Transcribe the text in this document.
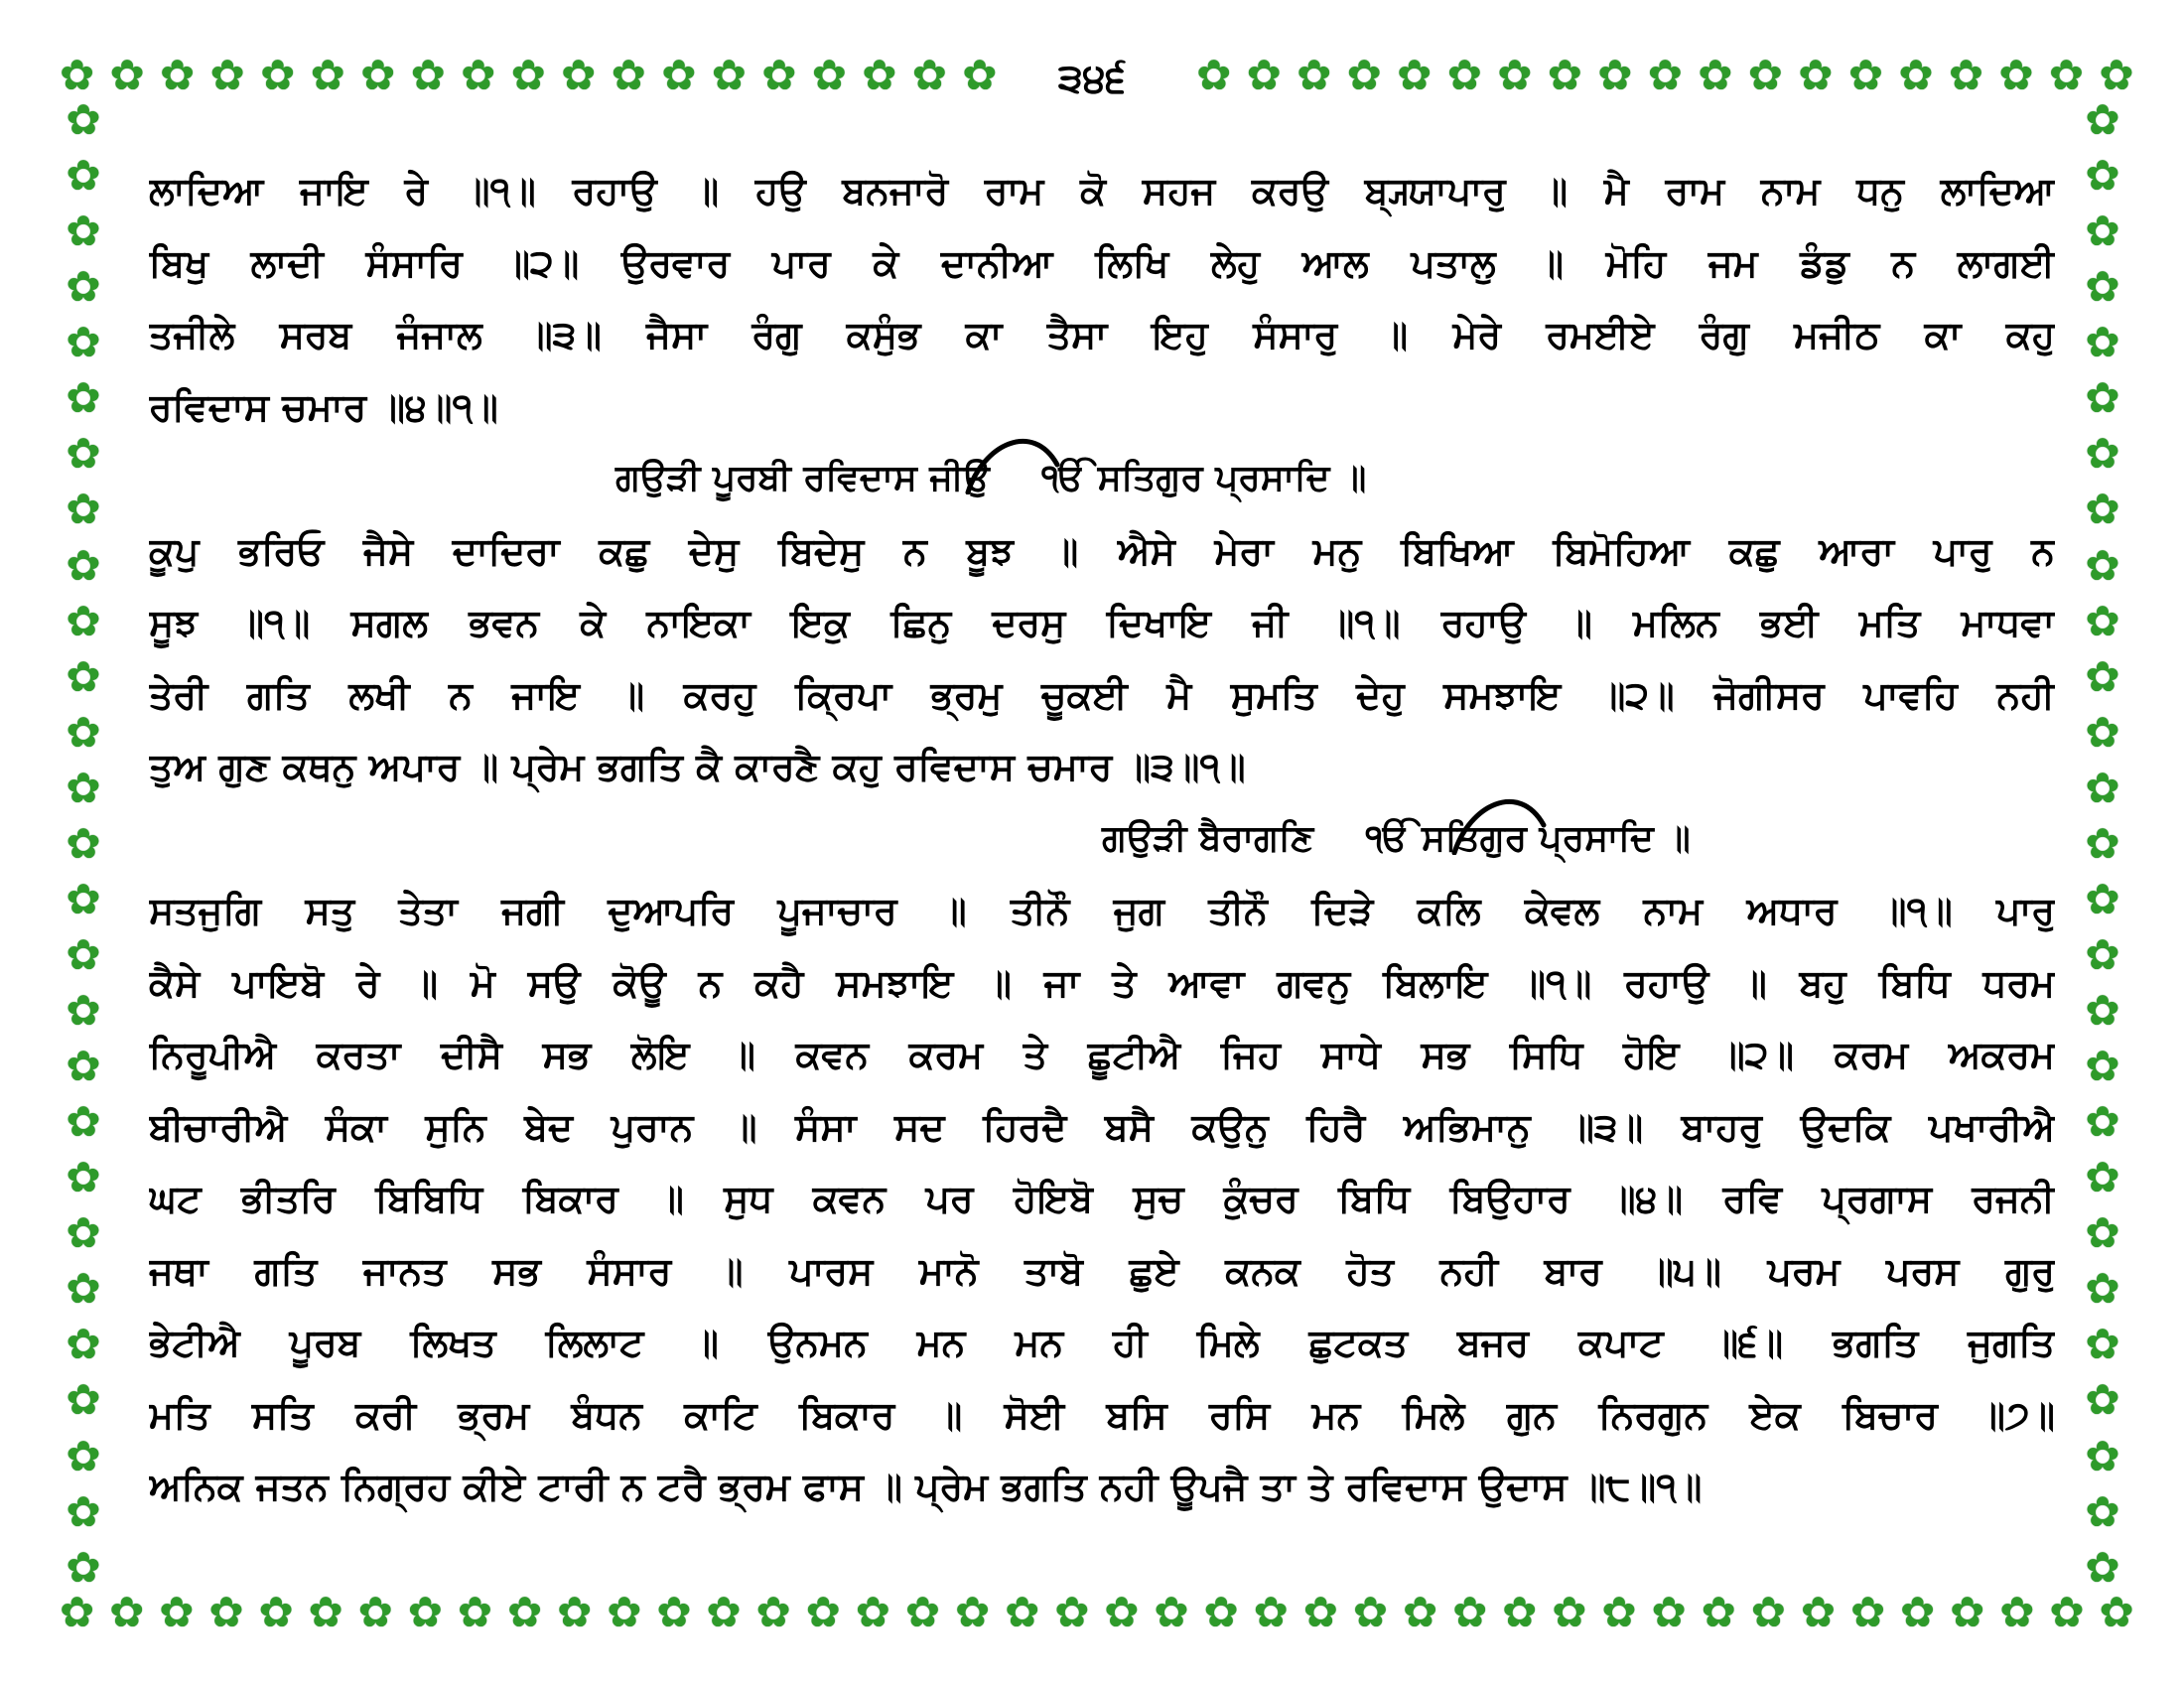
✿ ✿ ✿ ✿ ✿ ✿ ✿ ✿ ✿ ✿ ✿ ✿ ✿ ✿ ✿ ✿ ✿ ✿ ✿	✿ ✿ ✿ ✿ ✿ ✿ ✿ ✿ ✿ ✿ ✿ ✿ ✿ ✿ ✿ ✿ ✿ ✿ ✿
✿ ✿ ✿ ✿ ✿ ✿ ✿ ✿ ✿ ✿ ✿ ✿ ✿ ✿ ✿ ✿ ✿ ✿ ✿ ✿ ✿ ✿ ✿ ✿ ✿ ✿ ✿ ✿ ✿ ✿ ✿ ✿ ✿ ✿ ✿ ✿ ✿ ✿ ✿ ✿ ✿ ✿
✿
✿
✿
✿
✿
✿
✿
✿
✿
✿
✿
✿
✿
✿
✿
✿
✿
✿
✿
✿
✿
✿
✿
✿
✿
✿
✿
✿
✿
✿
✿
✿
✿
✿
✿
✿
✿
✿
✿
✿
✿
✿
✿
✿
✿
✿
✿
✿
✿
✿
✿
✿
✿
✿
੩੪੬
ਲਾਦਿਆ ਜਾਇ ਰੇ ॥੧॥ ਰਹਾਉ ॥ ਹਉ ਬਨਜਾਰੋ ਰਾਮ ਕੋ ਸਹਜ ਕਰਉ ਬ੍ਯ੍ਯਾਪਾਰੁ ॥ ਮੈ ਰਾਮ ਨਾਮ ਧਨੁ ਲਾਦਿਆ
ਬਿਖੁ ਲਾਦੀ ਸੰਸਾਰਿ ॥੨॥ ਉਰਵਾਰ ਪਾਰ ਕੇ ਦਾਨੀਆ ਲਿਖਿ ਲੇਹੁ ਆਲ ਪਤਾਲੁ ॥ ਮੋਹਿ ਜਮ ਡੰਡੁ ਨ ਲਾਗਈ
ਤਜੀਲੇ ਸਰਬ ਜੰਜਾਲ ॥੩॥ ਜੈਸਾ ਰੰਗੁ ਕਸੁੰਭ ਕਾ ਤੈਸਾ ਇਹੁ ਸੰਸਾਰੁ ॥ ਮੇਰੇ ਰਮਈਏ ਰੰਗੁ ਮਜੀਠ ਕਾ ਕਹੁ
ਰਵਿਦਾਸ ਚਮਾਰ ॥੪॥੧॥
ਗਉੜੀ ਪੂਰਬੀ ਰਵਿਦਾਸ ਜੀਉ ੴ ਸਤਿਗੁਰ ਪ੍ਰਸਾਦਿ ॥
ਕੂਪੁ ਭਰਿਓ ਜੈਸੇ ਦਾਦਿਰਾ ਕਛੁ ਦੇਸੁ ਬਿਦੇਸੁ ਨ ਬੂਝ ॥ ਐਸੇ ਮੇਰਾ ਮਨੁ ਬਿਖਿਆ ਬਿਮੋਹਿਆ ਕਛੁ ਆਰਾ ਪਾਰੁ ਨ
ਸੂਝ ॥੧॥ ਸਗਲ ਭਵਨ ਕੇ ਨਾਇਕਾ ਇਕੁ ਛਿਨੁ ਦਰਸੁ ਦਿਖਾਇ ਜੀ ॥੧॥ ਰਹਾਉ ॥ ਮਲਿਨ ਭਈ ਮਤਿ ਮਾਧਵਾ
ਤੇਰੀ ਗਤਿ ਲਖੀ ਨ ਜਾਇ ॥ ਕਰਹੁ ਕ੍ਰਿਪਾ ਭ੍ਰਮੁ ਚੂਕਈ ਮੈ ਸੁਮਤਿ ਦੇਹੁ ਸਮਝਾਇ ॥੨॥ ਜੋਗੀਸਰ ਪਾਵਹਿ ਨਹੀ
ਤੁਅ ਗੁਣ ਕਥਨੁ ਅਪਾਰ ॥ ਪ੍ਰੇਮ ਭਗਤਿ ਕੈ ਕਾਰਣੈ ਕਹੁ ਰਵਿਦਾਸ ਚਮਾਰ ॥੩॥੧॥
ਗਉੜੀ ਬੈਰਾਗਣਿ ੴ ਸਤਿਗੁਰ ਪ੍ਰਸਾਦਿ ॥
ਸਤਜੁਗਿ ਸਤੁ ਤੇਤਾ ਜਗੀ ਦੁਆਪਰਿ ਪੂਜਾਚਾਰ ॥ ਤੀਨੌ ਜੁਗ ਤੀਨੌ ਦਿੜੇ ਕਲਿ ਕੇਵਲ ਨਾਮ ਅਧਾਰ ॥੧॥ ਪਾਰੁ
ਕੈਸੇ ਪਾਇਬੋ ਰੇ ॥ ਮੋ ਸਉ ਕੋਊ ਨ ਕਹੈ ਸਮਝਾਇ ॥ ਜਾ ਤੇ ਆਵਾ ਗਵਨੁ ਬਿਲਾਇ ॥੧॥ ਰਹਾਉ ॥ ਬਹੁ ਬਿਧਿ ਧਰਮ
ਨਿਰੂਪੀਐ ਕਰਤਾ ਦੀਸੈ ਸਭ ਲੋਇ ॥ ਕਵਨ ਕਰਮ ਤੇ ਛੂਟੀਐ ਜਿਹ ਸਾਧੇ ਸਭ ਸਿਧਿ ਹੋਇ ॥੨॥ ਕਰਮ ਅਕਰਮ
ਬੀਚਾਰੀਐ ਸੰਕਾ ਸੁਨਿ ਬੇਦ ਪੁਰਾਨ ॥ ਸੰਸਾ ਸਦ ਹਿਰਦੈ ਬਸੈ ਕਉਨੁ ਹਿਰੈ ਅਭਿਮਾਨੁ ॥੩॥ ਬਾਹਰੁ ਉਦਕਿ ਪਖਾਰੀਐ
ਘਟ ਭੀਤਰਿ ਬਿਬਿਧਿ ਬਿਕਾਰ ॥ ਸੁਧ ਕਵਨ ਪਰ ਹੋਇਬੋ ਸੁਚ ਕੁੰਚਰ ਬਿਧਿ ਬਿਉਹਾਰ ॥੪॥ ਰਵਿ ਪ੍ਰਗਾਸ ਰਜਨੀ
ਜਥਾ ਗਤਿ ਜਾਨਤ ਸਭ ਸੰਸਾਰ ॥ ਪਾਰਸ ਮਾਨੋ ਤਾਬੋ ਛੁਏ ਕਨਕ ਹੋਤ ਨਹੀ ਬਾਰ ॥੫॥ ਪਰਮ ਪਰਸ ਗੁਰੁ
ਭੇਟੀਐ ਪੂਰਬ ਲਿਖਤ ਲਿਲਾਟ ॥ ਉਨਮਨ ਮਨ ਮਨ ਹੀ ਮਿਲੇ ਛੁਟਕਤ ਬਜਰ ਕਪਾਟ ॥੬॥ ਭਗਤਿ ਜੁਗਤਿ
ਮਤਿ ਸਤਿ ਕਰੀ ਭ੍ਰਮ ਬੰਧਨ ਕਾਟਿ ਬਿਕਾਰ ॥ ਸੋਈ ਬਸਿ ਰਸਿ ਮਨ ਮਿਲੇ ਗੁਨ ਨਿਰਗੁਨ ਏਕ ਬਿਚਾਰ ॥੭॥
ਅਨਿਕ ਜਤਨ ਨਿਗ੍ਰਹ ਕੀਏ ਟਾਰੀ ਨ ਟਰੈ ਭ੍ਰਮ ਫਾਸ ॥ ਪ੍ਰੇਮ ਭਗਤਿ ਨਹੀ ਊਪਜੈ ਤਾ ਤੇ ਰਵਿਦਾਸ ਉਦਾਸ ॥੮॥੧॥
